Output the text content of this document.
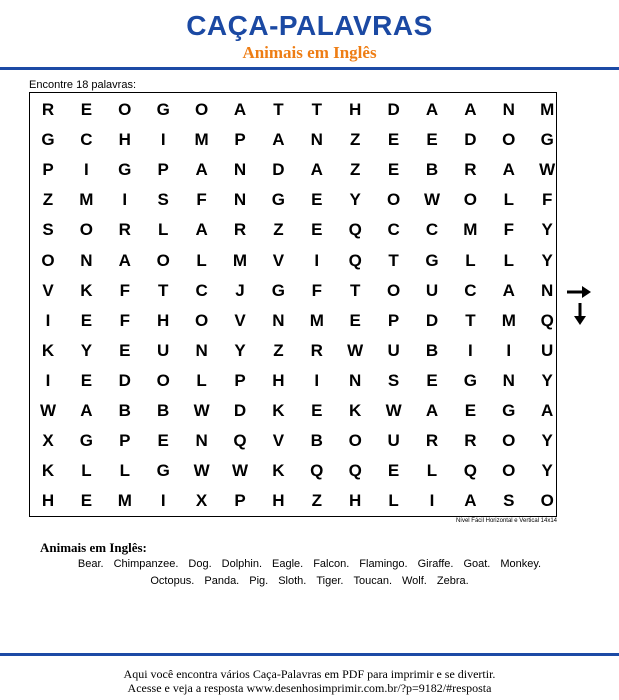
CAÇA-PALAVRAS
Animais em Inglês
Encontre 18 palavras:
R	E	O	G	O	A	T	T	H	D	A	A	N	M
G	C	H	I	M	P	A	N	Z	E	E	D	O	G
P	I	G	P	A	N	D	A	Z	E	B	R	A	W
Z	M	I	S	F	N	G	E	Y	O	W	O	L	F
S	O	R	L	A	R	Z	E	Q	C	C	M	F	Y
O	N	A	O	L	M	V	I	Q	T	G	L	L	Y
V	K	F	T	C	J	G	F	T	O	U	C	A	N
I	E	F	H	O	V	N	M	E	P	D	T	M	Q
K	Y	E	U	N	Y	Z	R	W	U	B	I	I	U
I	E	D	O	L	P	H	I	N	S	E	G	N	Y
W	A	B	B	W	D	K	E	K	W	A	E	G	A
X	G	P	E	N	Q	V	B	O	U	R	R	O	Y
K	L	L	G	W	W	K	Q	Q	E	L	Q	O	Y
H	E	M	I	X	P	H	Z	H	L	I	A	S	O
Nível Fácil Horizontal e Vertical 14x14
Animais em Inglês:
Bear. Chimpanzee. Dog. Dolphin. Eagle. Falcon. Flamingo. Giraffe. Goat. Monkey.
Octopus. Panda. Pig. Sloth. Tiger. Toucan. Wolf. Zebra.
Aqui você encontra vários Caça-Palavras em PDF para imprimir e se divertir.
Acesse e veja a resposta www.desenhosimprimir.com.br/?p=9182/#resposta
